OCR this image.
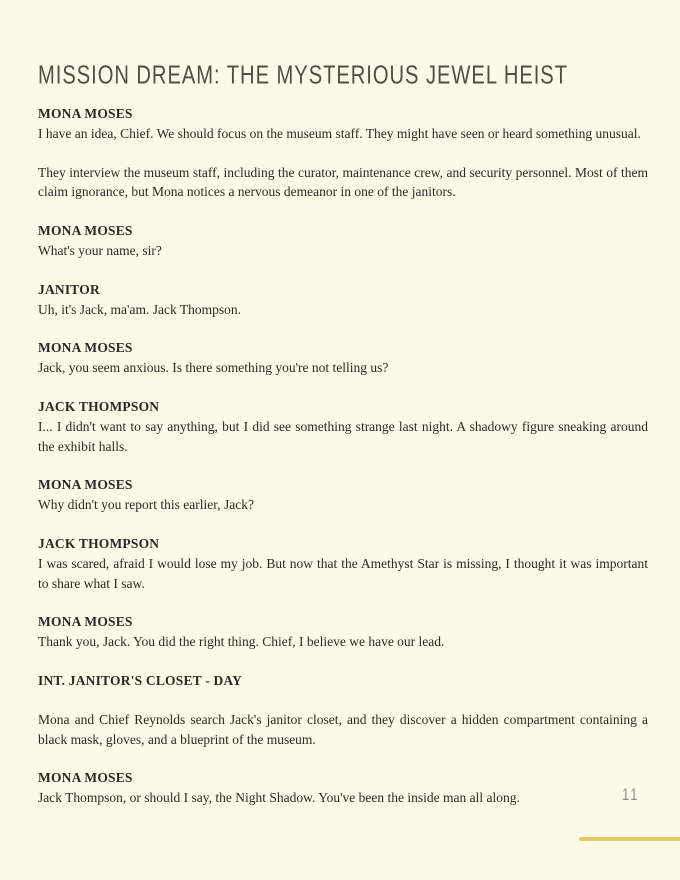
MISSION DREAM: THE MYSTERIOUS JEWEL HEIST
MONA MOSES

I have an idea, Chief. We should focus on the museum staff. They might have seen or heard something unusual.

They interview the museum staff, including the curator, maintenance crew, and security personnel. Most of them claim ignorance, but Mona notices a nervous demeanor in one of the janitors.

MONA MOSES

What's your name, sir?

JANITOR

Uh, it's Jack, ma'am. Jack Thompson.

MONA MOSES

Jack, you seem anxious. Is there something you're not telling us?

JACK THOMPSON

I... I didn't want to say anything, but I did see something strange last night. A shadowy figure sneaking around the exhibit halls.

MONA MOSES

Why didn't you report this earlier, Jack?

JACK THOMPSON

I was scared, afraid I would lose my job. But now that the Amethyst Star is missing, I thought it was important to share what I saw.

MONA MOSES

Thank you, Jack. You did the right thing. Chief, I believe we have our lead.

INT. JANITOR'S CLOSET - DAY

Mona and Chief Reynolds search Jack's janitor closet, and they discover a hidden compartment containing a black mask, gloves, and a blueprint of the museum.

MONA MOSES

Jack Thompson, or should I say, the Night Shadow. You've been the inside man all along.	11
